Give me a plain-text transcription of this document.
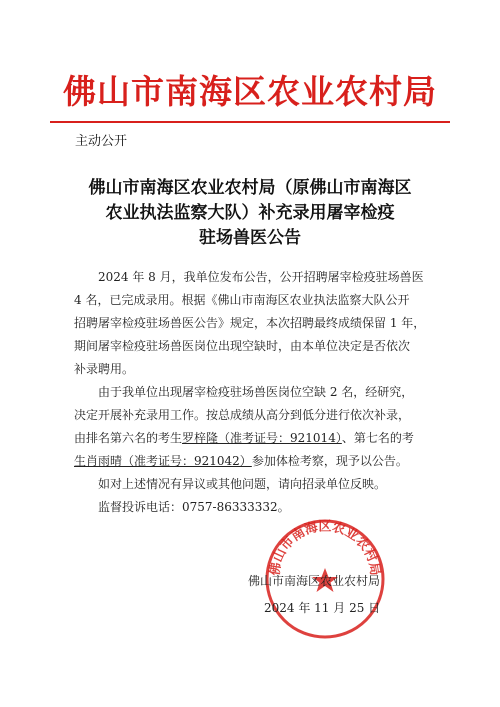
佛山市南海区农业农村局
主动公开
佛山市南海区农业农村局（原佛山市南海区
农业执法监察大队）补充录用屠宰检疫
驻场兽医公告
2024 年 8 月，我单位发布公告，公开招聘屠宰检疫驻场兽医
4 名，已完成录用。根据《佛山市南海区农业执法监察大队公开
招聘屠宰检疫驻场兽医公告》规定，本次招聘最终成绩保留 1 年，
期间屠宰检疫驻场兽医岗位出现空缺时，由本单位决定是否依次
补录聘用。
由于我单位出现屠宰检疫驻场兽医岗位空缺 2 名，经研究，
决定开展补充录用工作。按总成绩从高分到低分进行依次补录，
由排名第六名的考生罗梓隆（准考证号：921014）、第七名的考
生肖雨晴（准考证号：921042）参加体检考察，现予以公告。
如对上述情况有异议或其他问题，请向招录单位反映。
监督投诉电话：0757-86333332。
佛山市南海区农业农村局
佛山市南海区农业农村局
2024 年 11 月 25 日
